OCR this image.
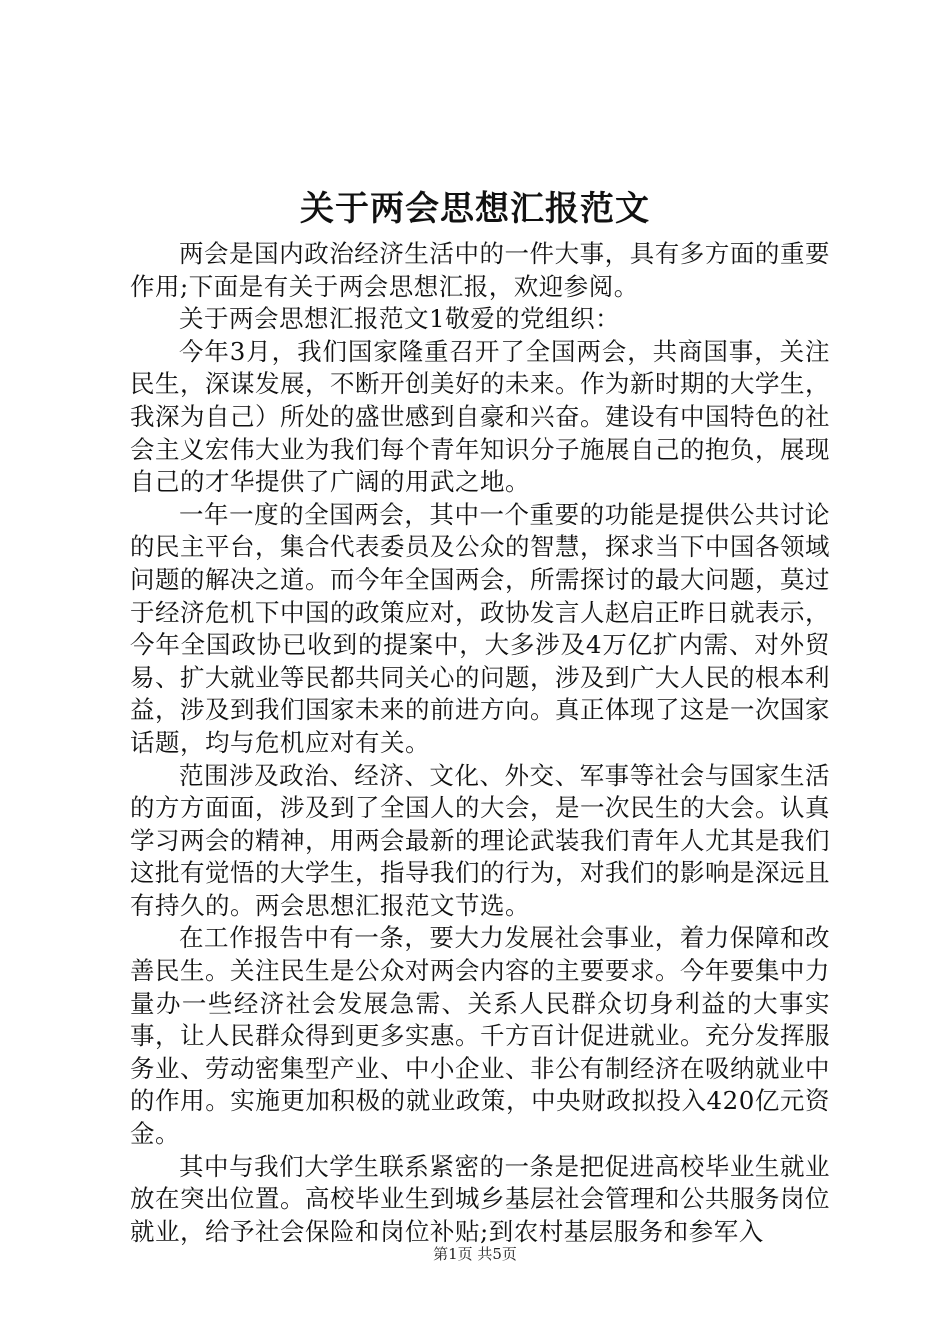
关于两会思想汇报范文

两会是国内政治经济生活中的一件大事，具有多方面的重要作用;下面是有关于两会思想汇报，欢迎参阅。

关于两会思想汇报范文1敬爱的党组织：

今年3月，我们国家隆重召开了全国两会，共商国事，关注民生，深谋发展，不断开创美好的未来。作为新时期的大学生，我深为自己）所处的盛世感到自豪和兴奋。建设有中国特色的社会主义宏伟大业为我们每个青年知识分子施展自己的抱负，展现自己的才华提供了广阔的用武之地。

一年一度的全国两会，其中一个重要的功能是提供公共讨论的民主平台，集合代表委员及公众的智慧，探求当下中国各领域问题的解决之道。而今年全国两会，所需探讨的最大问题，莫过于经济危机下中国的政策应对，政协发言人赵启正昨日就表示，今年全国政协已收到的提案中，大多涉及4万亿扩内需、对外贸易、扩大就业等民都共同关心的问题，涉及到广大人民的根本利益，涉及到我们国家未来的前进方向。真正体现了这是一次国家话题，均与危机应对有关。

范围涉及政治、经济、文化、外交、军事等社会与国家生活的方方面面，涉及到了全国人的大会，是一次民生的大会。认真学习两会的精神，用两会最新的理论武装我们青年人尤其是我们这批有觉悟的大学生，指导我们的行为，对我们的影响是深远且有持久的。两会思想汇报范文节选。

在工作报告中有一条，要大力发展社会事业，着力保障和改善民生。关注民生是公众对两会内容的主要要求。今年要集中力量办一些经济社会发展急需、关系人民群众切身利益的大事实事，让人民群众得到更多实惠。千方百计促进就业。充分发挥服务业、劳动密集型产业、中小企业、非公有制经济在吸纳就业中的作用。实施更加积极的就业政策，中央财政拟投入420亿元资金。

其中与我们大学生联系紧密的一条是把促进高校毕业生就业放在突出位置。高校毕业生到城乡基层社会管理和公共服务岗位就业，给予社会保险和岗位补贴;到农村基层服务和参军入

第1页 共5页
